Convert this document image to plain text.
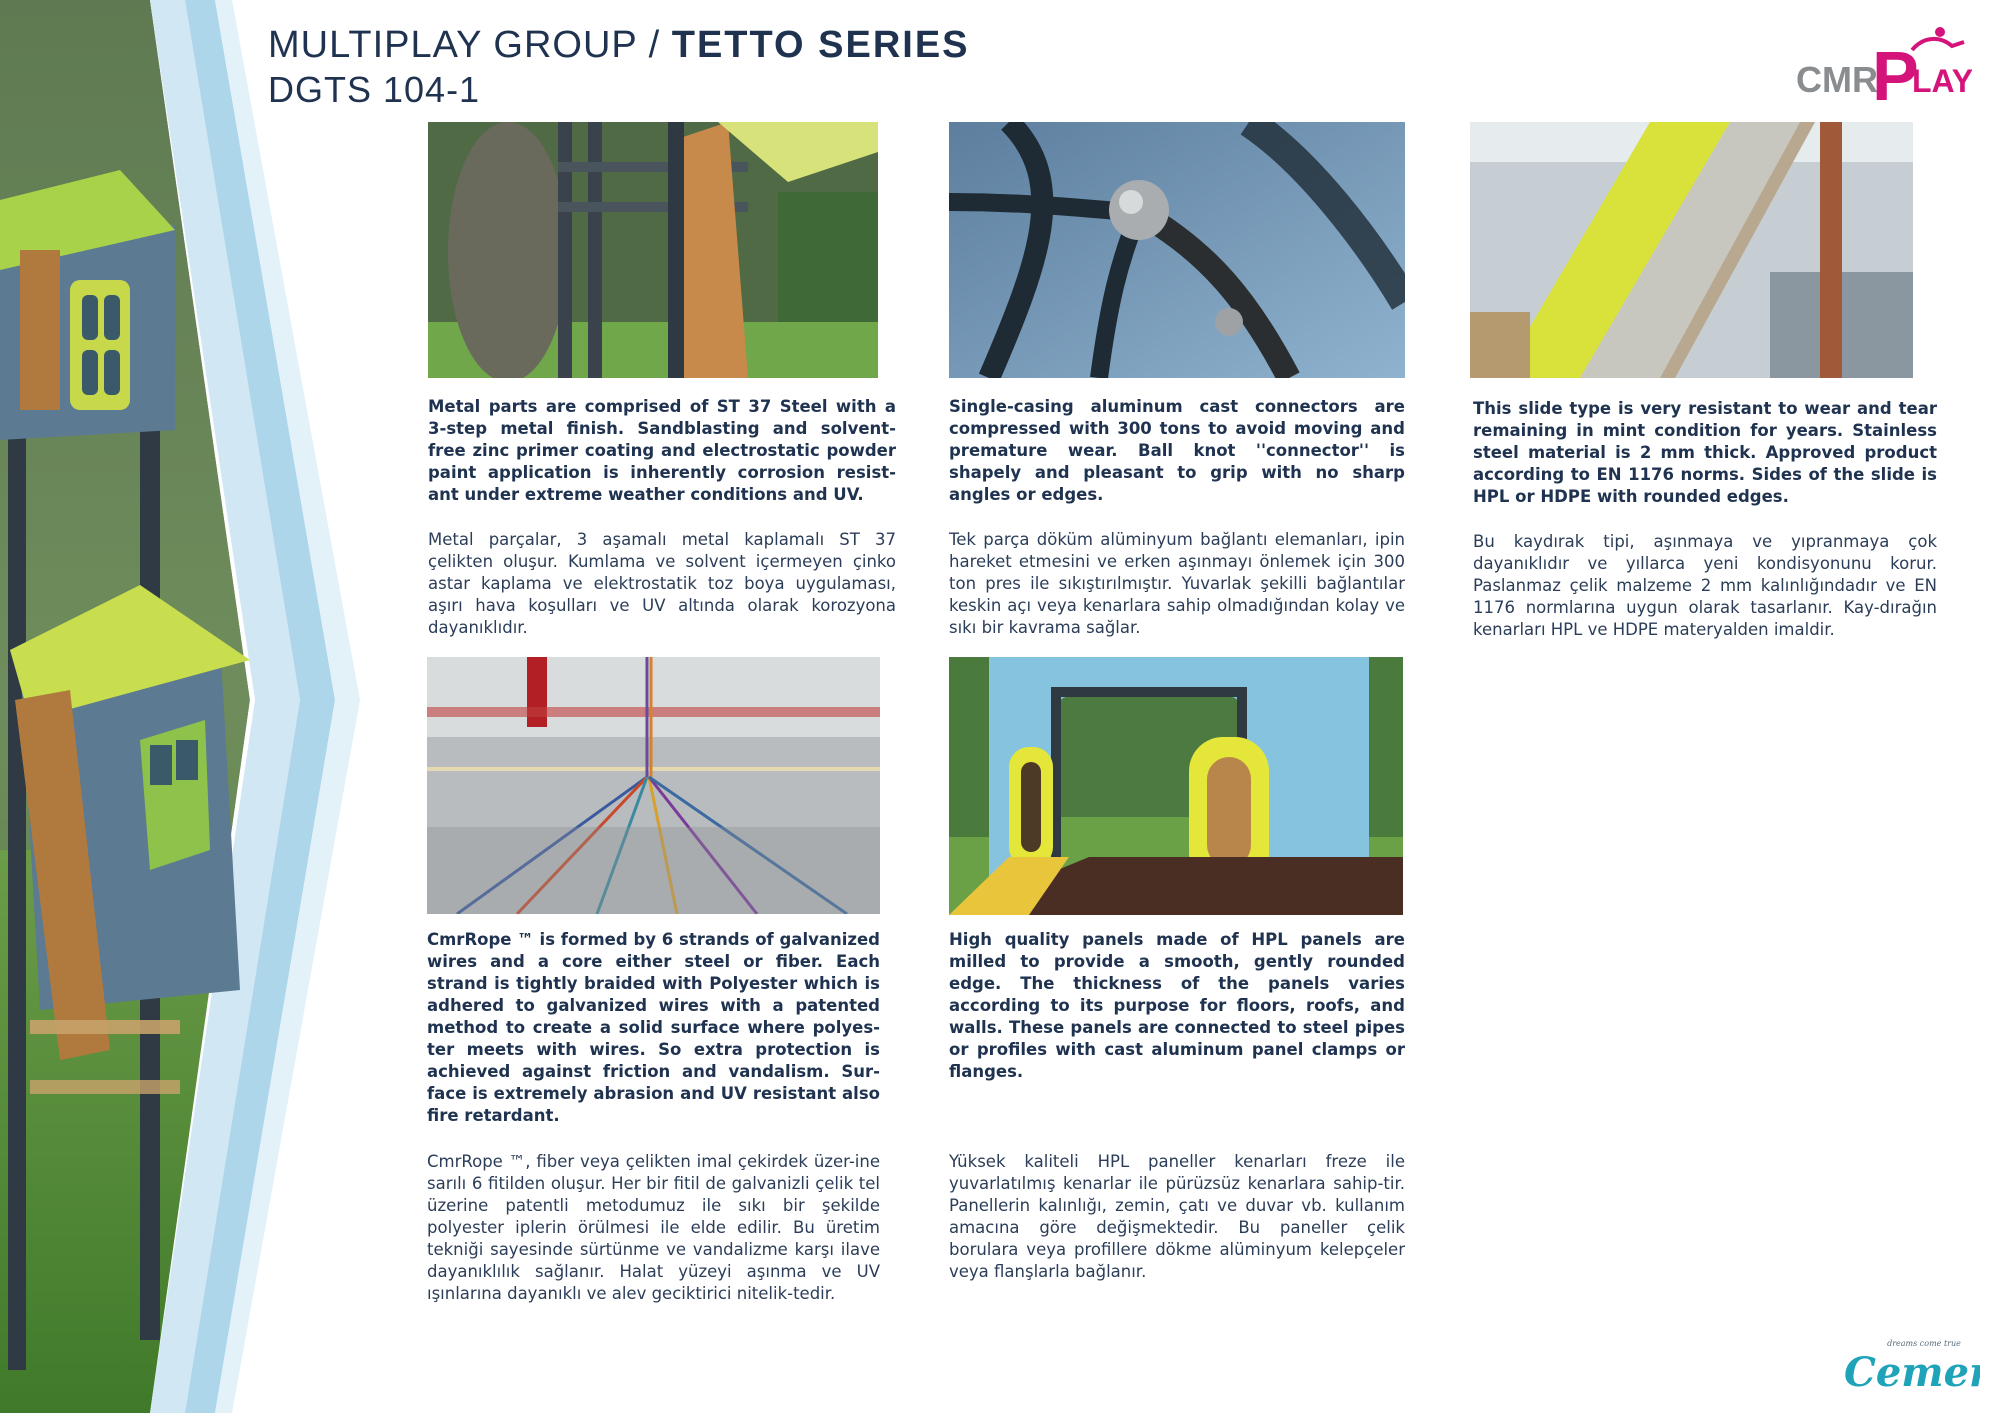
MULTIPLAY GROUP / TETTO SERIES
DGTS 104-1	CMR
P
LAY

Metal parts are comprised of ST 37 Steel with a 3-step metal finish. Sandblasting and solvent-free zinc primer coating and electrostatic powder paint application is inherently corrosion resist-ant under extreme weather conditions and UV.

Metal parçalar, 3 aşamalı metal kaplamalı ST 37 çelikten oluşur. Kumlama ve solvent içermeyen çinko astar kaplama ve elektrostatik toz boya uygulaması, aşırı hava koşulları ve UV altında olarak korozyona dayanıklıdır.

Single-casing aluminum cast connectors are compressed with 300 tons to avoid moving and premature wear. Ball knot ''connector'' is shapely and pleasant to grip with no sharp angles or edges.

Tek parça döküm alüminyum bağlantı elemanları, ipin hareket etmesini ve erken aşınmayı önlemek için 300 ton pres ile sıkıştırılmıştır. Yuvarlak şekilli bağlantılar keskin açı veya kenarlara sahip olmadığından kolay ve sıkı bir kavrama sağlar.

This slide type is very resistant to wear and tear remaining in mint condition for years. Stainless steel material is 2 mm thick. Approved product according to EN 1176 norms. Sides of the slide is HPL or HDPE with rounded edges.

Bu kaydırak tipi, aşınmaya ve yıpranmaya çok dayanıklıdır ve yıllarca yeni kondisyonunu korur. Paslanmaz çelik malzeme 2 mm kalınlığındadır ve EN 1176 normlarına uygun olarak tasarlanır. Kay-dırağın kenarları HPL ve HDPE materyalden imaldir.

CmrRope ™ is formed by 6 strands of galvanized wires and a core either steel or fiber. Each strand is tightly braided with Polyester which is adhered to galvanized wires with a patented method to create a solid surface where polyes-ter meets with wires. So extra protection is achieved against friction and vandalism. Sur-face is extremely abrasion and UV resistant also fire retardant.

CmrRope ™, fiber veya çelikten imal çekirdek üzer-ine sarılı 6 fitilden oluşur. Her bir fitil de galvanizli çelik tel üzerine patentli metodumuz ile sıkı bir şekilde polyester iplerin örülmesi ile elde edilir. Bu üretim tekniği sayesinde sürtünme ve vandalizme karşı ilave dayanıklılık sağlanır. Halat yüzeyi aşınma ve UV ışınlarına dayanıklı ve alev geciktirici nitelik-tedir.

High quality panels made of HPL panels are milled to provide a smooth, gently rounded edge. The thickness of the panels varies according to its purpose for floors, roofs, and walls. These panels are connected to steel pipes or profiles with cast aluminum panel clamps or flanges.

Yüksek kaliteli HPL paneller kenarları freze ile yuvarlatılmış kenarlar ile pürüzsüz kenarlara sahip-tir. Panellerin kalınlığı, zemin, çatı ve duvar vb. kullanım amacına göre değişmektedir. Bu paneller çelik borulara veya profillere dökme alüminyum kelepçeler veya flanşlarla bağlanır.

dreams come true
Cemer
